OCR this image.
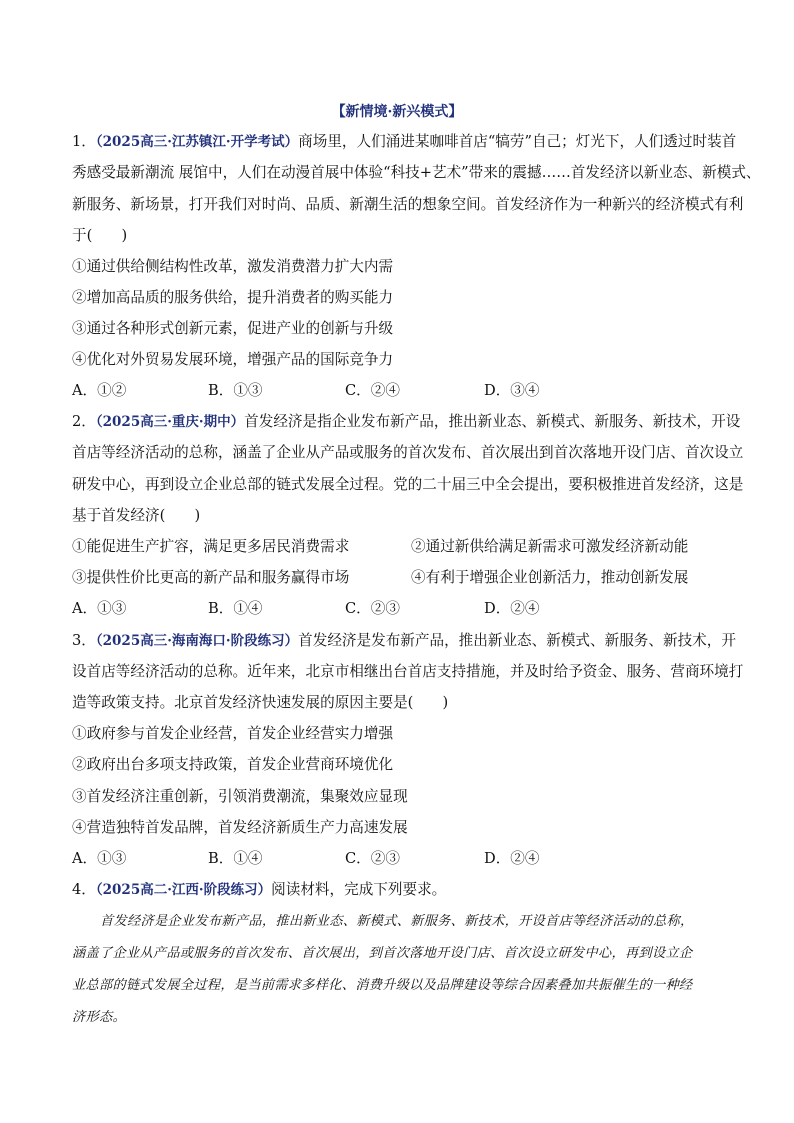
【新情境·新兴模式】
1．（2025高三·江苏镇江·开学考试）商场里，人们涌进某咖啡首店“犒劳”自己；灯光下，人们透过时装首
秀感受最新潮流 展馆中，人们在动漫首展中体验“科技+艺术”带来的震撼……首发经济以新业态、新模式、
新服务、新场景，打开我们对时尚、品质、新潮生活的想象空间。首发经济作为一种新兴的经济模式有利
于(　　)
①通过供给侧结构性改革，激发消费潜力扩大内需
②增加高品质的服务供给，提升消费者的购买能力
③通过各种形式创新元素，促进产业的创新与升级
④优化对外贸易发展环境，增强产品的国际竞争力
A．①②	B．①③	C．②④	D．③④
2．（2025高三·重庆·期中）首发经济是指企业发布新产品，推出新业态、新模式、新服务、新技术，开设
首店等经济活动的总称，涵盖了企业从产品或服务的首次发布、首次展出到首次落地开设门店、首次设立
研发中心，再到设立企业总部的链式发展全过程。党的二十届三中全会提出，要积极推进首发经济，这是
基于首发经济(　　)
①能促进生产扩容，满足更多居民消费需求	②通过新供给满足新需求可激发经济新动能
③提供性价比更高的新产品和服务赢得市场	④有利于增强企业创新活力，推动创新发展
A．①③	B．①④	C．②③	D．②④
3．（2025高三·海南海口·阶段练习）首发经济是发布新产品，推出新业态、新模式、新服务、新技术，开
设首店等经济活动的总称。近年来，北京市相继出台首店支持措施，并及时给予资金、服务、营商环境打
造等政策支持。北京首发经济快速发展的原因主要是(　　)
①政府参与首发企业经营，首发企业经营实力增强
②政府出台多项支持政策，首发企业营商环境优化
③首发经济注重创新，引领消费潮流，集聚效应显现
④营造独特首发品牌，首发经济新质生产力高速发展
A．①③	B．①④	C．②③	D．②④
4．（2025高二·江西·阶段练习）阅读材料，完成下列要求。
首发经济是企业发布新产品，推出新业态、新模式、新服务、新技术，开设首店等经济活动的总称，
涵盖了企业从产品或服务的首次发布、首次展出，到首次落地开设门店、首次设立研发中心，再到设立企
业总部的链式发展全过程，是当前需求多样化、消费升级以及品牌建设等综合因素叠加共振催生的一种经
济形态。
